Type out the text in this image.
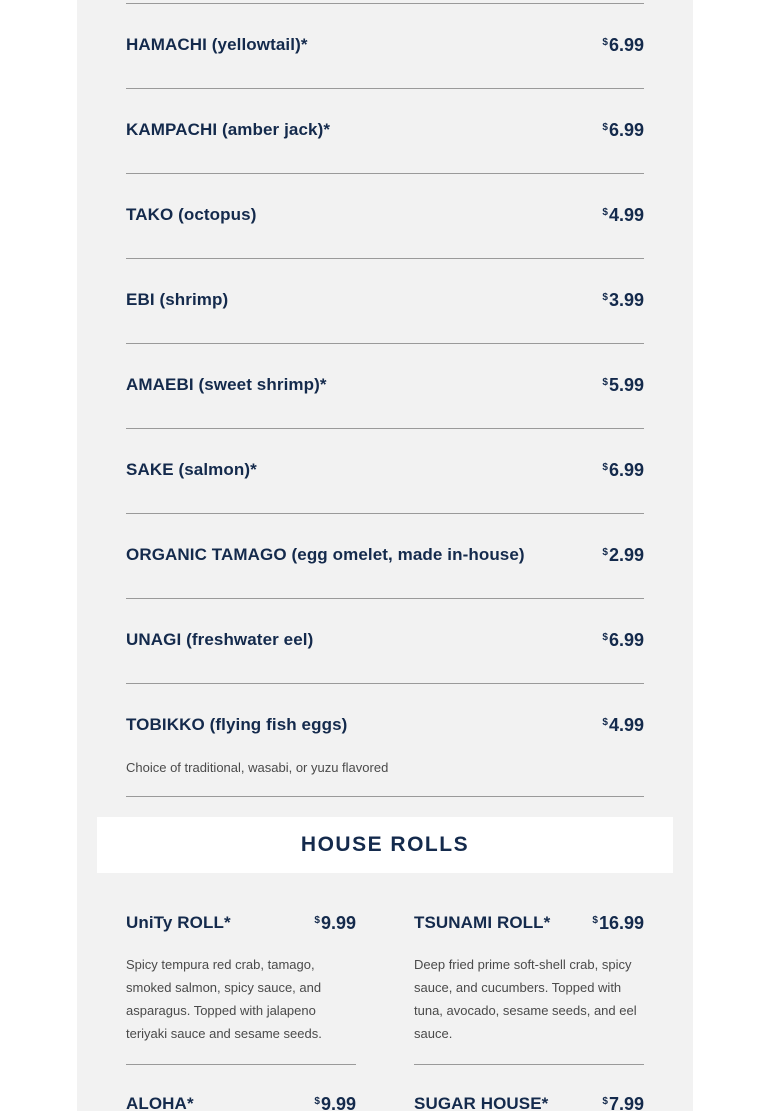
HAMACHI (yellowtail)*	$6.99
KAMPACHI (amber jack)*	$6.99
TAKO (octopus)	$4.99
EBI (shrimp)	$3.99
AMAEBI (sweet shrimp)*	$5.99
SAKE (salmon)*	$6.99
ORGANIC TAMAGO (egg omelet, made in-house)	$2.99
UNAGI (freshwater eel)	$6.99
TOBIKKO (flying fish eggs)	$4.99
Choice of traditional, wasabi, or yuzu flavored
HOUSE ROLLS
UniTy ROLL*	$9.99
Spicy tempura red crab, tamago, smoked salmon, spicy sauce, and asparagus. Topped with jalapeno teriyaki sauce and sesame seeds.
TSUNAMI ROLL*	$16.99
Deep fried prime soft-shell crab, spicy sauce, and cucumbers. Topped with tuna, avocado, sesame seeds, and eel sauce.
ALOHA*	$9.99	SUGAR HOUSE*	$7.99
